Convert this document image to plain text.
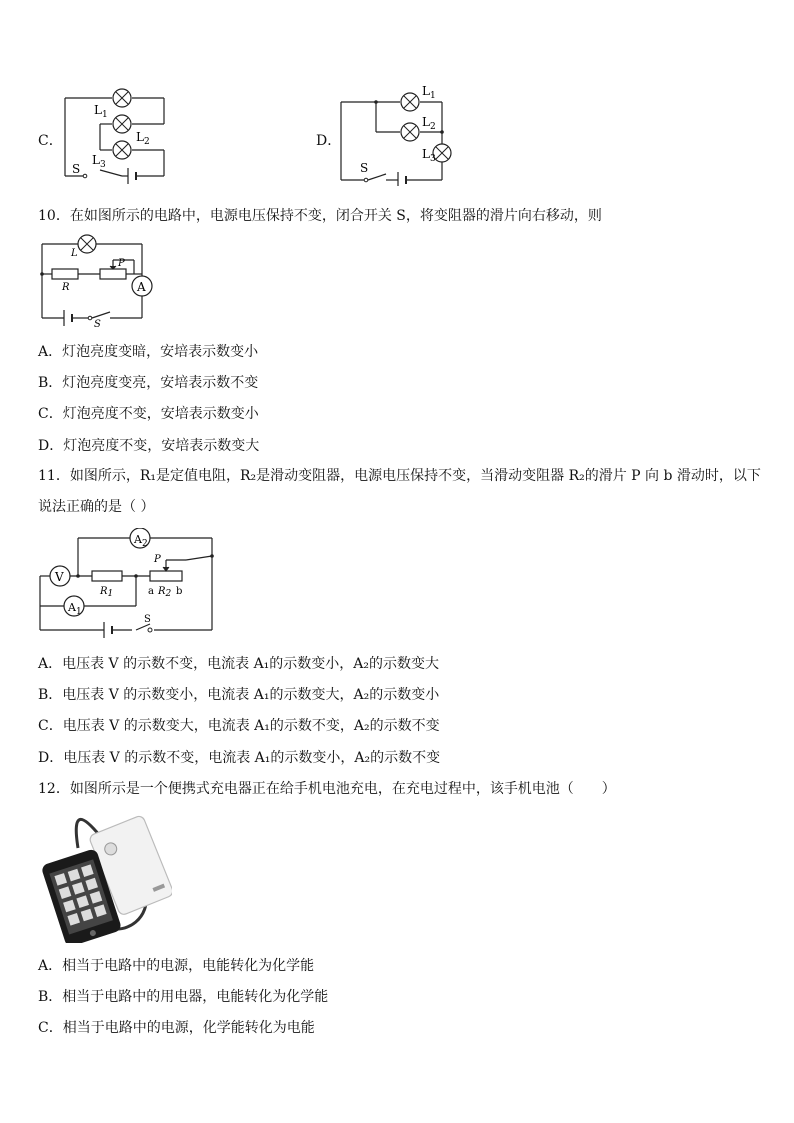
C．
$L_1$
$L_2$
$L_3$
S
D．
$L_1$
$L_2$
$L_3$
S
10．在如图所示的电路中，电源电压保持不变，闭合开关 S，将变阻器的滑片向右移动，则
A
L
P
R
S
A．灯泡亮度变暗，安培表示数变小
B．灯泡亮度变亮，安培表示数不变
C．灯泡亮度不变，安培表示数变小
D．灯泡亮度不变，安培表示数变大
11．如图所示，R₁是定值电阻，R₂是滑动变阻器，电源电压保持不变，当滑动变阻器 R₂的滑片 P 向 b 滑动时，以下
说法正确的是（ ）
$A_2$
V
$A_1$
P
R1	a R2 b
S
A．电压表 V 的示数不变，电流表 A₁的示数变小，A₂的示数变大
B．电压表 V 的示数变小，电流表 A₁的示数变大，A₂的示数变小
C．电压表 V 的示数变大，电流表 A₁的示数不变，A₂的示数不变
D．电压表 V 的示数不变，电流表 A₁的示数变小，A₂的示数不变
12．如图所示是一个便携式充电器正在给手机电池充电，在充电过程中，该手机电池（　　）
A．相当于电路中的电源，电能转化为化学能
B．相当于电路中的用电器，电能转化为化学能
C．相当于电路中的电源，化学能转化为电能
